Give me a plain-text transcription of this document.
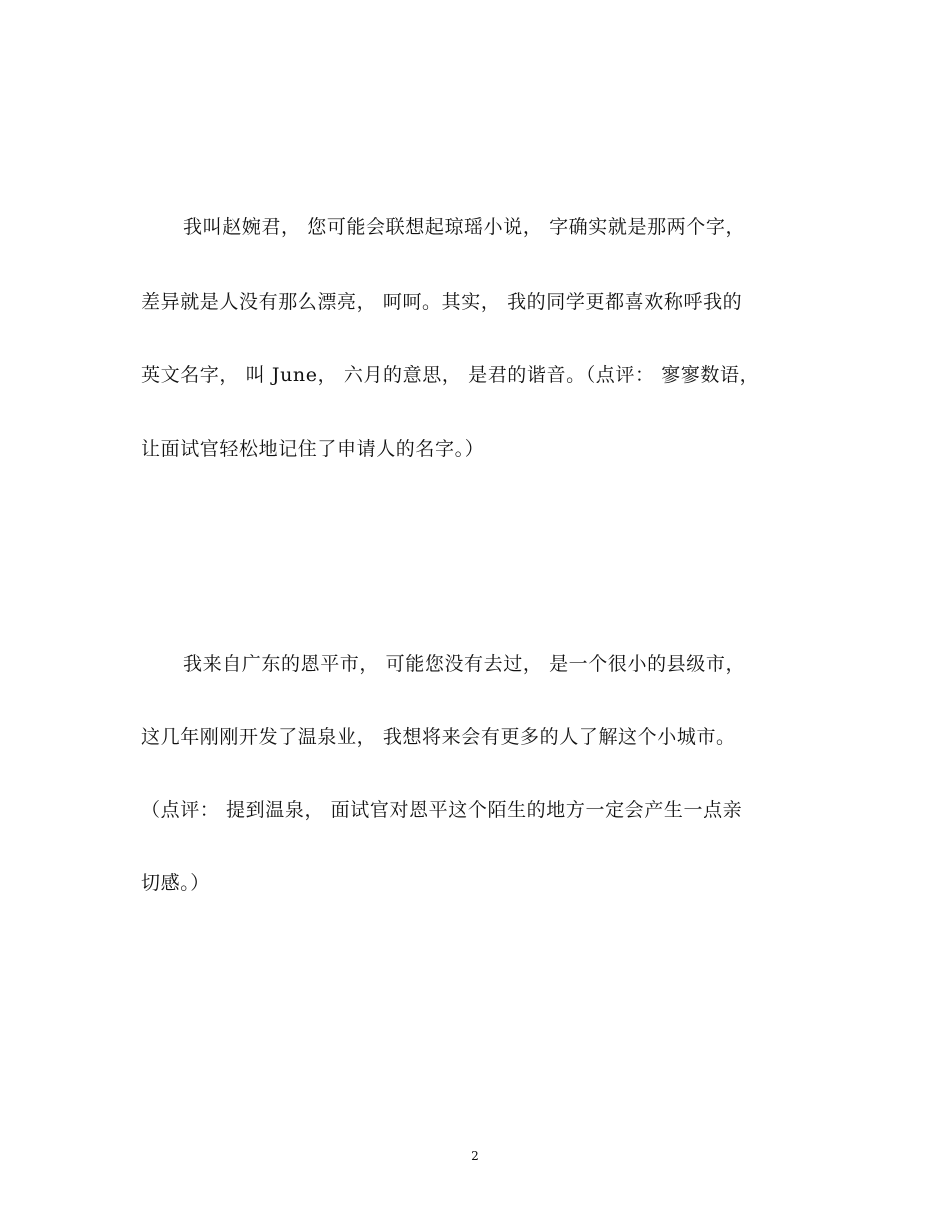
我叫赵婉君， 您可能会联想起琼瑶小说， 字确实就是那两个字，
差异就是人没有那么漂亮， 呵呵。其实， 我的同学更都喜欢称呼我的
英文名字， 叫 June， 六月的意思， 是君的谐音。（点评： 寥寥数语，
让面试官轻松地记住了申请人的名字。）
我来自广东的恩平市， 可能您没有去过， 是一个很小的县级市，
这几年刚刚开发了温泉业， 我想将来会有更多的人了解这个小城市。
（点评： 提到温泉， 面试官对恩平这个陌生的地方一定会产生一点亲
切感。）
2
